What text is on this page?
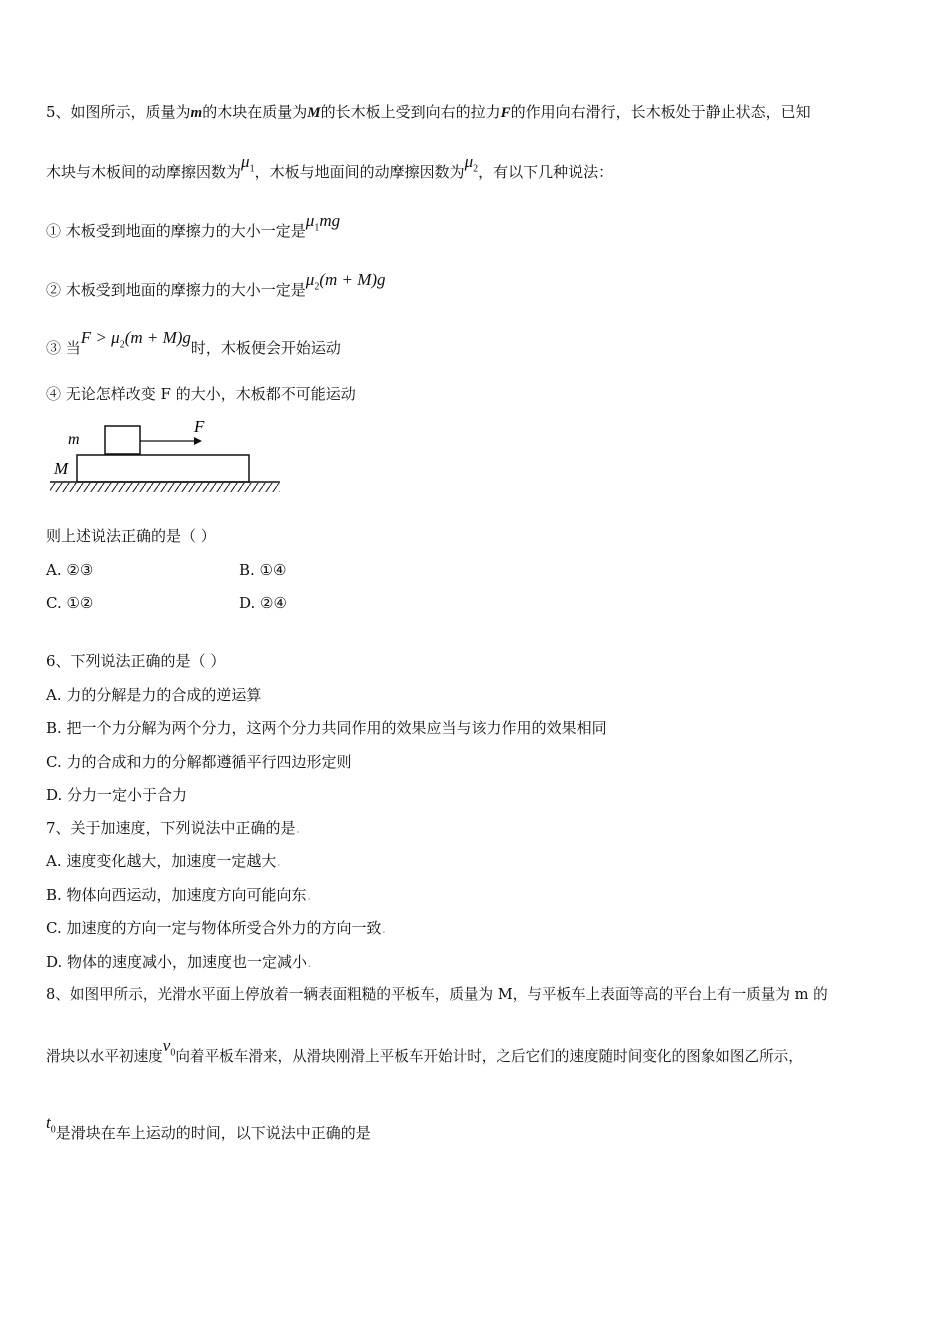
5、如图所示，质量为m的木块在质量为M的长木板上受到向右的拉力F的作用向右滑行，长木板处于静止状态，已知
木块与木板间的动摩擦因数为$\mu_1$，木板与地面间的动摩擦因数为$\mu_2$，有以下几种说法：
① 木板受到地面的摩擦力的大小一定是$\mu_1mg$
② 木板受到地面的摩擦力的大小一定是$\mu_2(m + M)g$
③ 当$F > \mu_2(m + M)g$时，木板便会开始运动
④ 无论怎样改变 F 的大小，木板都不可能运动
m
F
M
则上述说法正确的是（ ）
A. ②③	B. ①④
C. ①②	D. ②④
6、下列说法正确的是（ ）
A. 力的分解是力的合成的逆运算
B. 把一个力分解为两个分力，这两个分力共同作用的效果应当与该力作用的效果相同
C. 力的合成和力的分解都遵循平行四边形定则
D. 分力一定小于合力
7、关于加速度，下列说法中正确的是.
A. 速度变化越大，加速度一定越大.
B. 物体向西运动，加速度方向可能向东.
C. 加速度的方向一定与物体所受合外力的方向一致.
D. 物体的速度减小，加速度也一定减小.
8、如图甲所示，光滑水平面上停放着一辆表面粗糙的平板车，质量为 M，与平板车上表面等高的平台上有一质量为 m 的
滑块以水平初速度$v_0$向着平板车滑来，从滑块刚滑上平板车开始计时，之后它们的速度随时间变化的图象如图乙所示，
$t_0$是滑块在车上运动的时间，以下说法中正确的是
